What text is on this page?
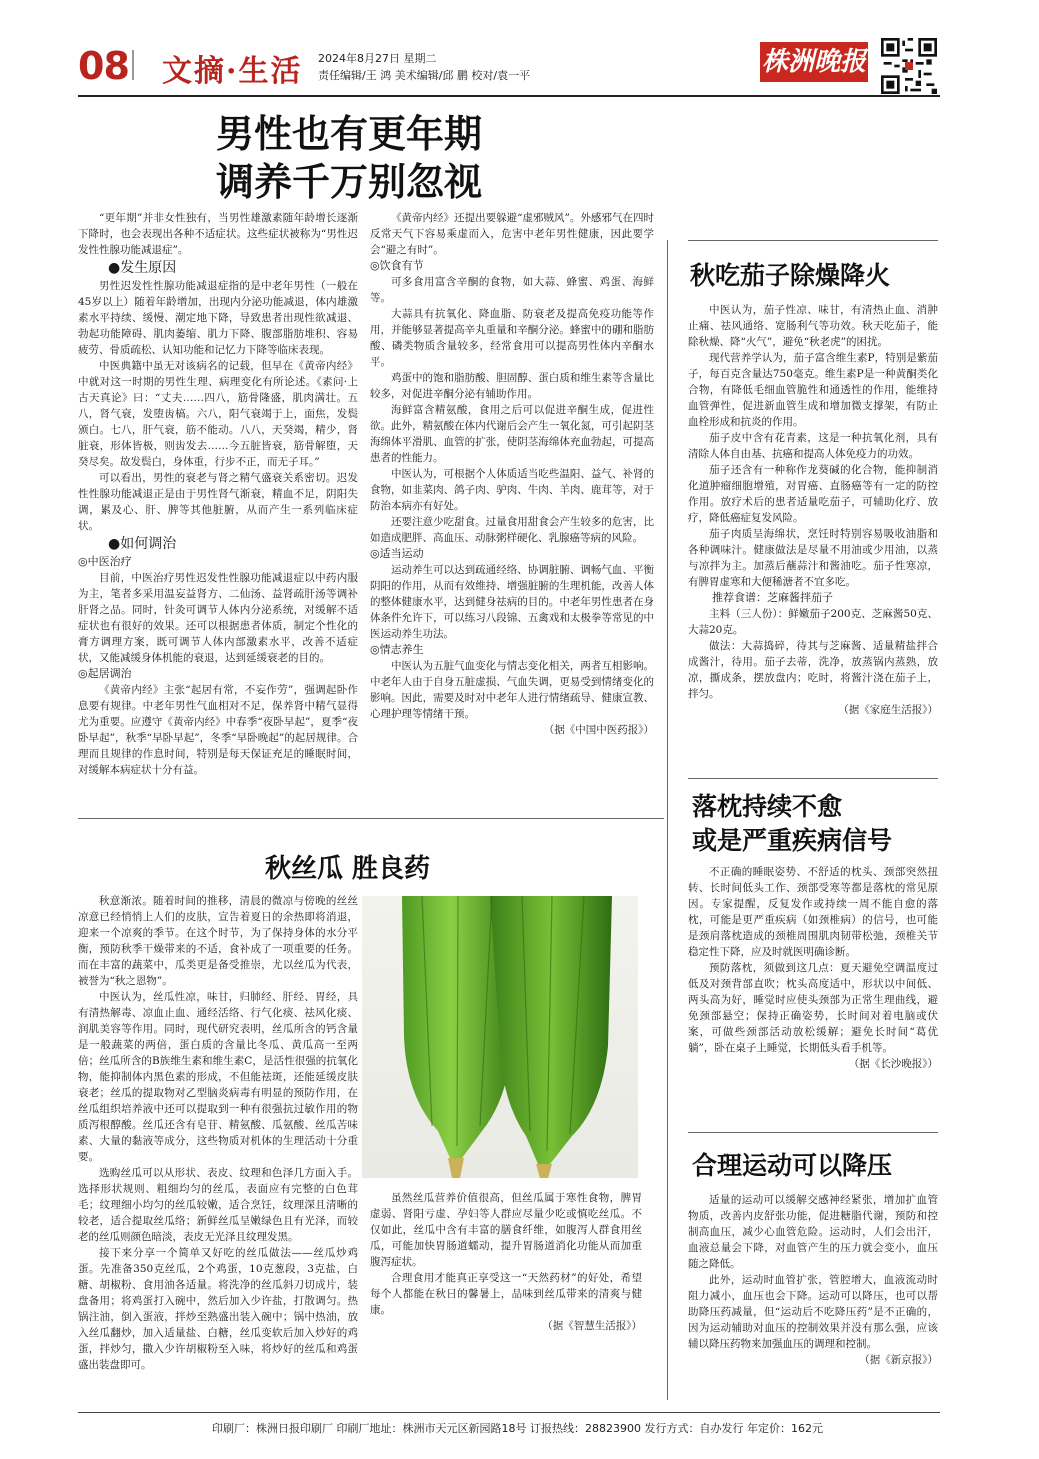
08 文摘·生活 2024年8月27日 星期二
责任编辑/王 鸿 美术编辑/邱 鹏 校对/袁一平	株洲晚报
男性也有更年期
调养千万别忽视

“更年期”并非女性独有，当男性雄激素随年龄增长逐渐下降时，也会表现出各种不适症状。这些症状被称为“男性迟发性性腺功能减退症”。

●发生原因

男性迟发性性腺功能减退症指的是中老年男性（一般在45岁以上）随着年龄增加，出现内分泌功能减退，体内雄激素水平持续、缓慢、潮定地下降，导致患者出现性欲减退、勃起功能障碍、肌肉萎缩、肌力下降、腹部脂肪堆积、容易疲劳、骨质疏松、认知功能和记忆力下降等临床表现。

中医典籍中虽无对该病名的记载，但早在《黄帝内经》中就对这一时期的男性生理、病理变化有所论述。《素问·上古天真论》曰：“丈夫……四八，筋骨隆盛，肌肉满壮。五八，肾气衰，发堕齿槁。六八，阳气衰竭于上，面焦，发鬓颁白。七八，肝气衰，筋不能动。八八，天癸竭，精少，肾脏衰，形体皆极，则齿发去……今五脏皆衰，筋骨解堕，天癸尽矣。故发鬓白，身体重，行步不正，而无子耳。”

可以看出，男性的衰老与肾之精气盛衰关系密切。迟发性性腺功能减退正是由于男性肾气渐衰，精血不足，阴阳失调，累及心、肝、脾等其他脏腑，从而产生一系列临床症状。

●如何调治
◎中医治疗

目前，中医治疗男性迟发性性腺功能减退症以中药内服为主，笔者多采用温妄益肾方、二仙汤、益肾疏肝汤等调补肝肾之品。同时，针灸可调节人体内分泌系统，对缓解不适症状也有很好的效果。还可以根据患者体质，制定个性化的膏方调理方案，既可调节人体内部激素水平，改善不适症状，又能减缓身体机能的衰退，达到延缓衰老的目的。

◎起居调治

《黄帝内经》主张“起居有常，不妄作劳”，强调起卧作息要有规律。中老年男性气血相对不足，保养肾中精气显得尤为重要。应遵守《黄帝内经》中春季“夜卧早起”，夏季“夜卧早起”，秋季“早卧早起”，冬季“早卧晚起”的起居规律。合理而且规律的作息时间，特别是每天保证充足的睡眠时间，对缓解本病症状十分有益。

《黄帝内经》还提出要躲避“虚邪贼风”。外感邪气在四时反常天气下容易乘虚而入，危害中老年男性健康，因此要学会“避之有时”。

◎饮食有节

可多食用富含辛酮的食物，如大蒜、蜂蜜、鸡蛋、海鲜等。

大蒜具有抗氧化、降血脂、防衰老及提高免疫功能等作用，并能够显著提高辛丸重量和辛酮分泌。蜂蜜中的硼和脂肪酸、磷类物质含量较多，经常食用可以提高男性体内辛酮水平。

鸡蛋中的饱和脂肪酸、胆固醇、蛋白质和维生素等含量比较多，对促进辛酮分泌有辅助作用。

海鲜富含精氨酸，食用之后可以促进辛酮生成，促进性欲。此外，精氨酸在体内代谢后会产生一氧化氮，可引起阴茎海绵体平滑肌、血管的扩张，使阴茎海绵体充血勃起，可提高患者的性能力。

中医认为，可根据个人体质适当吃些温阳、益气、补肾的食物，如韭菜肉、鸽子肉、驴肉、牛肉、羊肉、鹿茸等，对于防治本病亦有好处。

还要注意少吃甜食。过量食用甜食会产生较多的危害，比如造成肥胖、高血压、动脉粥样硬化、乳腺癌等病的风险。

◎适当运动

运动养生可以达到疏通经络、协调脏腑、调畅气血、平衡阴阳的作用，从而有效维持、增强脏腑的生理机能，改善人体的整体健康水平，达到健身祛病的目的。中老年男性患者在身体条件允许下，可以练习八段锦、五禽戏和太极拳等常见的中医运动养生功法。

◎情志养生

中医认为五脏气血变化与情志变化相关，两者互相影响。中老年人由于自身五脏虚损、气血失调，更易受到情绪变化的影响。因此，需要及时对中老年人进行情绪疏导、健康宣教、心理护理等情绪干预。

（据《中国中医药报》）
秋丝瓜 胜良药

秋意渐浓。随着时间的推移，清晨的微凉与傍晚的丝丝凉意已经悄悄上人们的皮肤，宣告着夏日的余热即将消退，迎来一个凉爽的季节。在这个时节，为了保持身体的水分平衡，预防秋季干燥带来的不适，食补成了一项重要的任务。而在丰富的蔬菜中，瓜类更是备受推崇，尤以丝瓜为代表，被誉为“秋之恩物”。

中医认为，丝瓜性凉，味甘，归肺经、肝经、胃经，具有清热解毒、凉血止血、通经活络、行气化痰、祛风化痰、润肌美容等作用。同时，现代研究表明，丝瓜所含的钙含量是一般蔬菜的两倍，蛋白质的含量比冬瓜、黄瓜高一至两倍；丝瓜所含的B族维生素和维生素C，是活性很强的抗氧化物，能抑制体内黑色素的形成，不但能祛斑，还能延缓皮肤衰老；丝瓜的提取物对乙型脑炎病毒有明显的预防作用，在丝瓜组织培养液中还可以提取到一种有很强抗过敏作用的物质泻根醇酸。丝瓜还含有皂苷、精氨酸、瓜氨酸、丝瓜苦味素、大量的黏液等成分，这些物质对机体的生理活动十分重要。

选购丝瓜可以从形状、表皮、纹理和色泽几方面入手。选择形状规则、粗细均匀的丝瓜，表面应有完整的白色茸毛；纹理细小均匀的丝瓜较嫩，适合烹饪，纹理深且清晰的较老，适合提取丝瓜络；新鲜丝瓜呈嫩绿色且有光泽，而较老的丝瓜则颜色暗淡，表皮无光泽且纹理发黑。

接下来分享一个简单又好吃的丝瓜做法——丝瓜炒鸡蛋。先准备350克丝瓜，2个鸡蛋，10克葱段，3克盐，白糖、胡椒粉、食用油各适量。将洗净的丝瓜斜刀切成片，装盘备用；将鸡蛋打入碗中，然后加入少许盐，打散调匀。热锅注油，倒入蛋液，拌炒至熟盛出装入碗中；锅中热油，放入丝瓜翻炒，加入适量盐、白糖，丝瓜变软后加入炒好的鸡蛋，拌炒匀，撒入少许胡椒粉至入味，将炒好的丝瓜和鸡蛋盛出装盘即可。

虽然丝瓜营养价值很高，但丝瓜属于寒性食物，脾胃虚弱、肾阳亏虚、孕妇等人群应尽量少吃或慎吃丝瓜。不仅如此，丝瓜中含有丰富的膳食纤维，如腹泻人群食用丝瓜，可能加快胃肠道蠕动，提升胃肠道消化功能从而加重腹泻症状。

合理食用才能真正享受这一“天然药材”的好处，希望每个人都能在秋日的馨暑上，品味到丝瓜带来的清爽与健康。

（据《智慧生活报》）
秋吃茄子除燥降火

中医认为，茄子性凉、味甘，有清热止血、消肿止痛、祛风通络、宽肠利气等功效。秋天吃茄子，能除秋燥、降“火气”，避免“秋老虎”的困扰。

现代营养学认为，茄子富含维生素P，特别是紫茄子，每百克含量达750毫克。维生素P是一种黄酮类化合物，有降低毛细血管脆性和通透性的作用，能维持血管弹性，促进新血管生成和增加微支撑架，有防止血栓形成和抗炎的作用。

茄子皮中含有花青素，这是一种抗氧化剂，具有清除人体自由基、抗癌和提高人体免疫力的功效。

茄子还含有一种称作龙葵碱的化合物，能抑制消化道肿瘤细胞增殖，对胃癌、直肠癌等有一定的防控作用。放疗术后的患者适量吃茄子，可辅助化疗、放疗，降低癌症复发风险。

茄子肉质呈海绵状，烹饪时特别容易吸收油脂和各种调味汁。健康做法是尽量不用油或少用油，以蒸与凉拌为主。加蒸后蘸蒜汁和酱油吃。茄子性寒凉，有脾胃虚寒和大便稀溏者不宜多吃。

推荐食谱：芝麻酱拌茄子

主料（三人份）：鲜嫩茄子200克、芝麻酱50克、大蒜20克。

做法：大蒜捣碎，待其与芝麻酱、适量精盐拌合成酱汁，待用。茄子去蒂，洗净，放蒸锅内蒸熟，放凉，撕成条，摆放盘内；吃时，将酱汁浇在茄子上，拌匀。

（据《家庭生活报》）
落枕持续不愈
或是严重疾病信号

不正确的睡眠姿势、不舒适的枕头、颈部突然扭转、长时间低头工作、颈部受寒等都是落枕的常见原因。专家提醒，反复发作或持续一周不能自愈的落枕，可能是更严重疾病（如颈椎病）的信号，也可能是颈肩落枕造成的颈椎周围肌肉韧带松弛，颈椎关节稳定性下降，应及时就医明确诊断。

预防落枕，须做到这几点：夏天避免空调温度过低及对颈背部直吹；枕头高度适中，形状以中间低、两头高为好，睡觉时应使头颈部为正常生理曲线，避免颈部悬空；保持正确姿势，长时间对着电脑或伏案，可做些颈部活动放松缓解；避免长时间“葛优躺”，卧在桌子上睡觉，长期低头看手机等。

（据《长沙晚报》）
合理运动可以降压

适量的运动可以缓解交感神经紧张，增加扩血管物质，改善内皮舒张功能，促进糖脂代谢，预防和控制高血压，减少心血管危险。运动时，人们会出汗，血液总量会下降，对血管产生的压力就会变小，血压随之降低。

此外，运动时血管扩张，管腔增大，血液流动时阻力减小，血压也会下降。运动可以降压，也可以帮助降压药减量，但“运动后不吃降压药”是不正确的，因为运动辅助对血压的控制效果并没有那么强，应该辅以降压药物来加强血压的调理和控制。

（据《新京报》）
印刷厂：株洲日报印刷厂 印刷厂地址：株洲市天元区新园路18号 订报热线：28823900 发行方式：自办发行 年定价：162元
